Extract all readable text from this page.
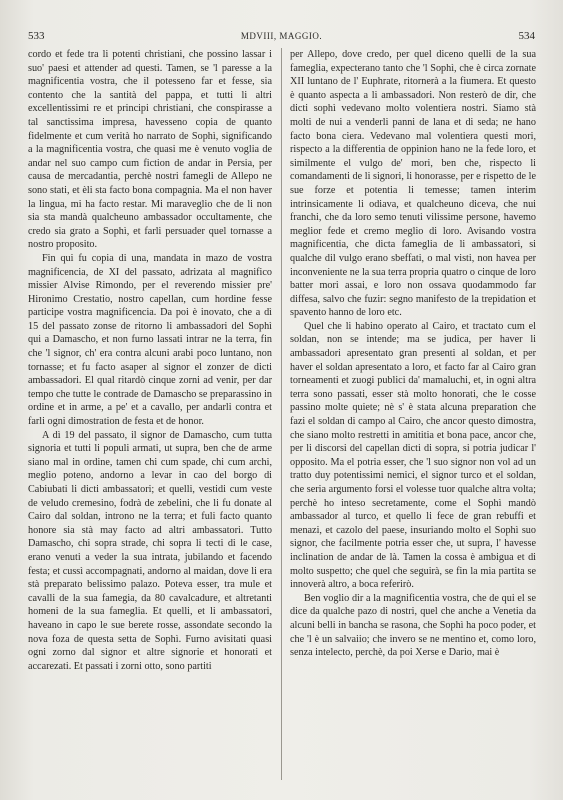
533	MDVIII, MAGGIO.	534

cordo et fede tra li potenti christiani, che possino lassar i suo' paesi et attender ad questi. Tamen, se 'l paresse a la magnificentia vostra, che il potesseno far et fesse, sia contento che la santità del pappa, et tutti li altri excellentissimi re et principi christiani, che conspirasse a tal sanctissima impresa, havesseno copia de quanto fidelmente et cum verità ho narrato de Sophì, significando a la magnificentia vostra, che quasi me è venuto voglia de andar nel suo campo cum fiction de andar in Persia, per causa de mercadantia, perchè nostri famegli de Allepo ne sono stati, et èli sta facto bona compagnia. Ma el non haver la lingua, mi ha facto restar. Mi maraveglio che de li non sia sta mandà qualcheuno ambassador occultamente, che credo sia grato a Sophì, et farli persuader quel tornasse a nostro proposito.

Fin qui fu copia di una, mandata in mazo de vostra magnificencia, de XI del passato, adrizata al magnifico missier Alvise Rimondo, per el reverendo missier pre' Hironimo Crestatio, nostro capellan, cum hordine fesse participe vostra magnificencia. Da poi è inovato, che a dì 15 del passato zonse de ritorno li ambassadori del Sophì qui a Damascho, et non furno lassati intrar ne la terra, fin che 'l signor, ch' era contra alcuni arabi poco luntano, non tornasse; et fu facto asaper al signor el zonzer de dicti ambassadori. El qual ritardò cinque zorni ad venir, per dar tempo che tutte le contrade de Damascho se preparassino in ordine et in arme, a pe' et a cavallo, per andarli contra et farli ogni dimostration de festa et de honor.

A dì 19 del passato, il signor de Damascho, cum tutta signoria et tutti li populi armati, ut supra, ben che de arme siano mal in ordine, tamen chi cum spade, chi cum archi, meglio poteno, andorno a levar in cao del borgo di Cabiubati li dicti ambassatori; et quelli, vestidi cum veste de veludo cremesino, fodrà de zebelini, che li fu donate al Cairo dal soldan, introno ne la terra; et fuli facto quanto honore sia stà may facto ad altri ambassatori. Tutto Damascho, chi sopra strade, chi sopra li tecti di le case, erano venuti a veder la sua intrata, jubilando et facendo festa; et cussì accompagnati, andorno al maidan, dove li era stà preparato belissimo palazo. Poteva esser, tra mule et cavalli de la sua famegia, da 80 cavalcadure, et altretanti homeni de la sua fameglia. Et quelli, et li ambassatori, haveano in capo le sue berete rosse, assondate secondo la nova foza de questa setta de Sophì. Furno avisitati quasi ogni zorno dal signor et altre signorie et honorati et accarezati. Et passati i zorni otto, sono partiti

per Allepo, dove credo, per quel diceno quelli de la sua fameglia, expecterano tanto che 'l Sophì, che è circa zornate XII luntano de l' Euphrate, ritornerà a la fiumera. Et questo è quanto aspecta a li ambassadori. Non resterò de dir, che dicti sophì vedevano molto volentiera nostri. Siamo stà molti de nui a venderli panni de lana et di seda; ne hano facto bona ciera. Vedevano mal volentiera questi mori, rispecto a la differentia de oppinion hano ne la fede loro, et similmente el vulgo de' mori, ben che, rispecto li comandamenti de li signori, li honorasse, per e rispetto de le sue forze et potentia li temesse; tamen interim intrinsicamente li odiava, et qualcheuno diceva, che nui franchi, che da loro semo tenuti vilissime persone, havemo meglior fede et cremo meglio di loro. Avisando vostra magnificentia, che dicta fameglia de li ambassatori, si qualche dil vulgo erano sbeffati, o mal visti, non havea per inconveniente ne la sua terra propria quatro o cinque de loro batter mori assai, e loro non ossava quodammodo far diffesa, salvo che fuzir: segno manifesto de la trepidation et spavento hanno de loro etc.

Quel che li habino operato al Cairo, et tractato cum el soldan, non se intende; ma se judica, per haver li ambassadori apresentato gran presenti al soldan, et per haver el soldan apresentato a loro, et facto far al Cairo gran torneamenti et zuogi publici da' mamaluchi, et, in ogni altra terra sono passati, esser stà molto honorati, che le cosse passino molte quiete; nè s' è stata alcuna preparation che fazi el soldan di campo al Cairo, che ancor questo dimostra, che siano molto restretti in amititia et bona pace, ancor che, per li discorsi del capellan dicti di sopra, si potria judicar l' opposito. Ma el potria esser, che 'l suo signor non vol ad un tratto duy potentissimi nemici, el signor turco et el soldan, che seria argumento forsi el volesse tuor qualche altra volta; perchè ho inteso secretamente, come el Sophì mandò ambassador al turco, et quello li fece de gran rebuffi et menazi, et cazolo del paese, insuriando molto el Sophì suo signor, che facilmente potria esser che, ut supra, l' havesse inclination de andar de là. Tamen la cossa è ambigua et di molto suspetto; che quel che seguirà, se fin la mia partita se innoverà altro, a boca referirò.

Ben voglio dir a la magnificentia vostra, che de qui el se dice da qualche pazo di nostri, quel che anche a Venetia da alcuni belli in bancha se rasona, che Sophì ha poco poder, et che 'l è un salvaiio; che invero se ne mentino et, como loro, senza intelecto, perchè, da poi Xerse e Dario, mai è
